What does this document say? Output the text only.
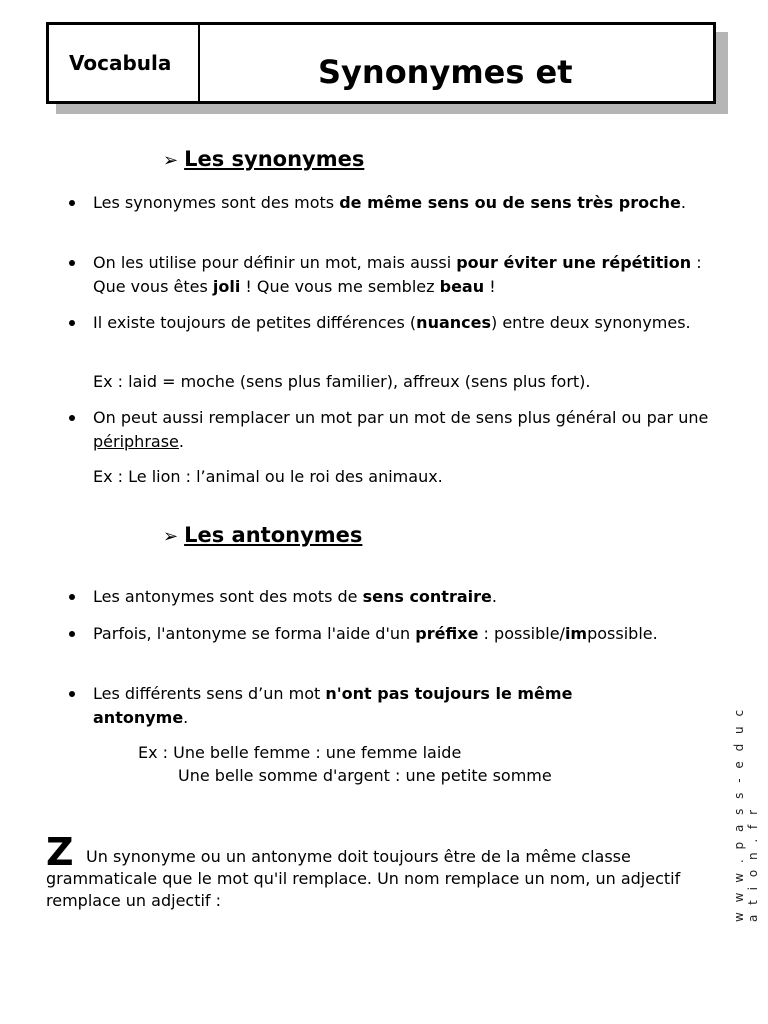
Vocabula	Synonymes et
➢ Les synonymes
Les synonymes sont des mots de même sens ou de sens très proche.
On les utilise pour définir un mot, mais aussi pour éviter une répétition : Que vous êtes joli ! Que vous me semblez beau !
Il existe toujours de petites différences (nuances) entre deux synonymes.
Ex : laid = moche (sens plus familier), affreux (sens plus fort).
On peut aussi remplacer un mot par un mot de sens plus général ou par une périphrase.
Ex : Le lion : l’animal ou le roi des animaux.
➢ Les antonymes
Les antonymes sont des mots de sens contraire.
Parfois, l'antonyme se forma l'aide d'un préfixe : possible/impossible.
Les différents sens d’un mot n'ont pas toujours le même antonyme.
Ex : Une belle femme : une femme laide
Une belle somme d'argent : une petite somme
Z Un synonyme ou un antonyme doit toujours être de la même classe grammaticale que le mot qu'il remplace. Un nom remplace un nom, un adjectif remplace un adjectif :	w w w . p a s s - e d u c a t i o n . f r
